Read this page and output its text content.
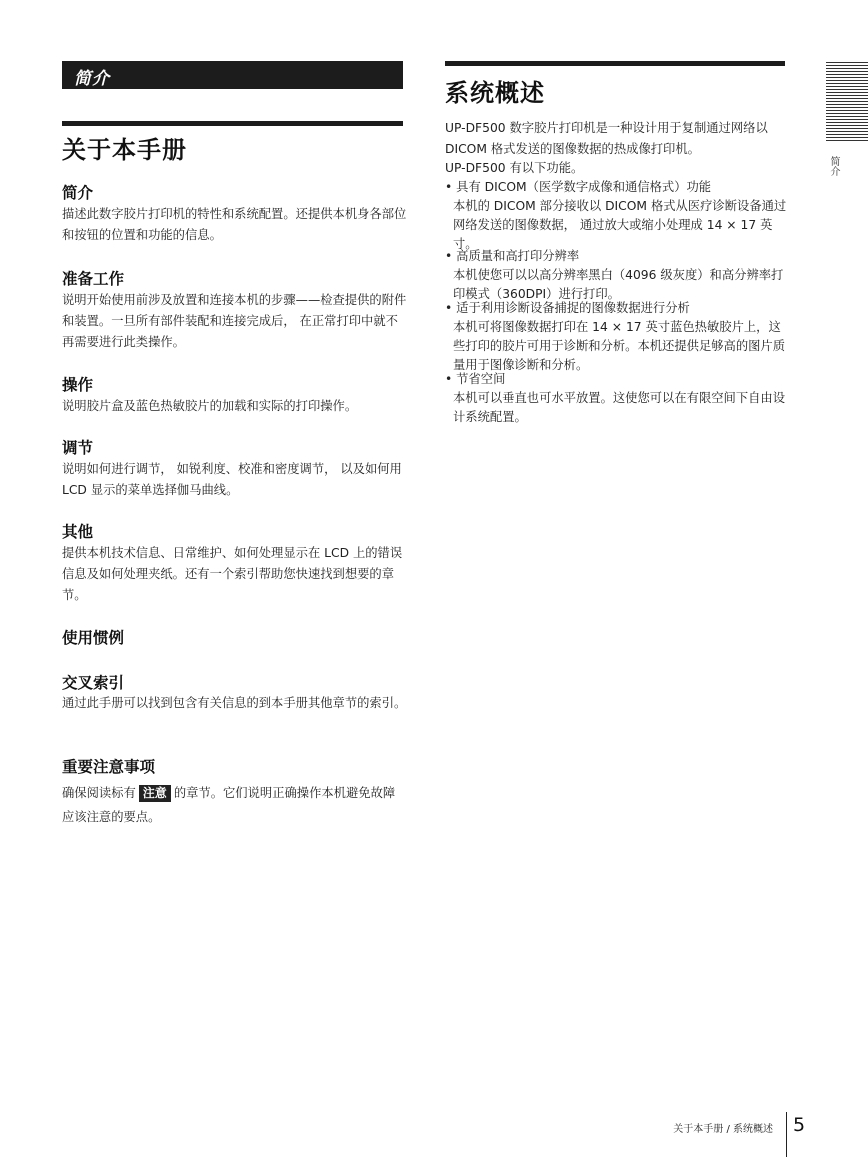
简介
关于本手册
简介
描述此数字胶片打印机的特性和系统配置。还提供本机身各部位和按钮的位置和功能的信息。
准备工作
说明开始使用前涉及放置和连接本机的步骤——检查提供的附件和装置。一旦所有部件装配和连接完成后， 在正常打印中就不再需要进行此类操作。
操作
说明胶片盒及蓝色热敏胶片的加载和实际的打印操作。
调节
说明如何进行调节， 如锐利度、校准和密度调节， 以及如何用 LCD 显示的菜单选择伽马曲线。
其他
提供本机技术信息、日常维护、如何处理显示在 LCD 上的错误信息及如何处理夹纸。还有一个索引帮助您快速找到想要的章节。
使用惯例
交叉索引
通过此手册可以找到包含有关信息的到本手册其他章节的索引。
重要注意事项
确保阅读标有 注意 的章节。它们说明正确操作本机避免故障应该注意的要点。
系统概述
UP-DF500 数字胶片打印机是一种设计用于复制通过网络以 DICOM 格式发送的图像数据的热成像打印机。
UP-DF500 有以下功能。
• 具有 DICOM（医学数字成像和通信格式）功能
本机的 DICOM 部分接收以 DICOM 格式从医疗诊断设备通过网络发送的图像数据， 通过放大或缩小处理成 14 × 17 英寸。
• 高质量和高打印分辨率
本机使您可以以高分辨率黑白（4096 级灰度）和高分辨率打印模式（360DPI）进行打印。
• 适于利用诊断设备捕捉的图像数据进行分析
本机可将图像数据打印在 14 × 17 英寸蓝色热敏胶片上，这些打印的胶片可用于诊断和分析。本机还提供足够高的图片质量用于图像诊断和分析。
• 节省空间
本机可以垂直也可水平放置。这使您可以在有限空间下自由设计系统配置。
简介
关于本手册 / 系统概述 5
